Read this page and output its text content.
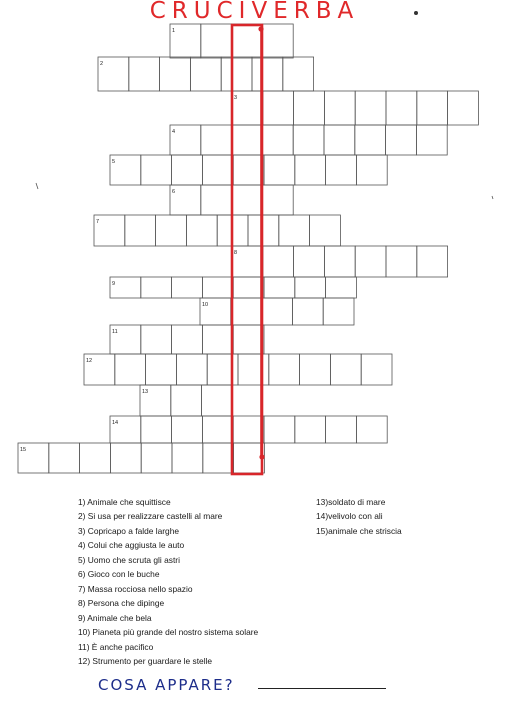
CRUCIVERBA
1
2
3
4
5
6
7
8
9
10
11
12
13
14
15
1) Animale che squittisce
2) Si usa per realizzare castelli al mare
3) Copricapo a falde larghe
4) Colui che aggiusta le auto
5) Uomo che scruta gli astri
6) Gioco con le buche
7) Massa rocciosa nello spazio
8) Persona che dipinge
9) Animale che bela
10) Pianeta più grande del nostro sistema solare
11) È anche pacifico
12) Strumento per guardare le stelle
13)soldato di mare
14)velivolo con ali
15)animale che striscia
COSA APPARE?
